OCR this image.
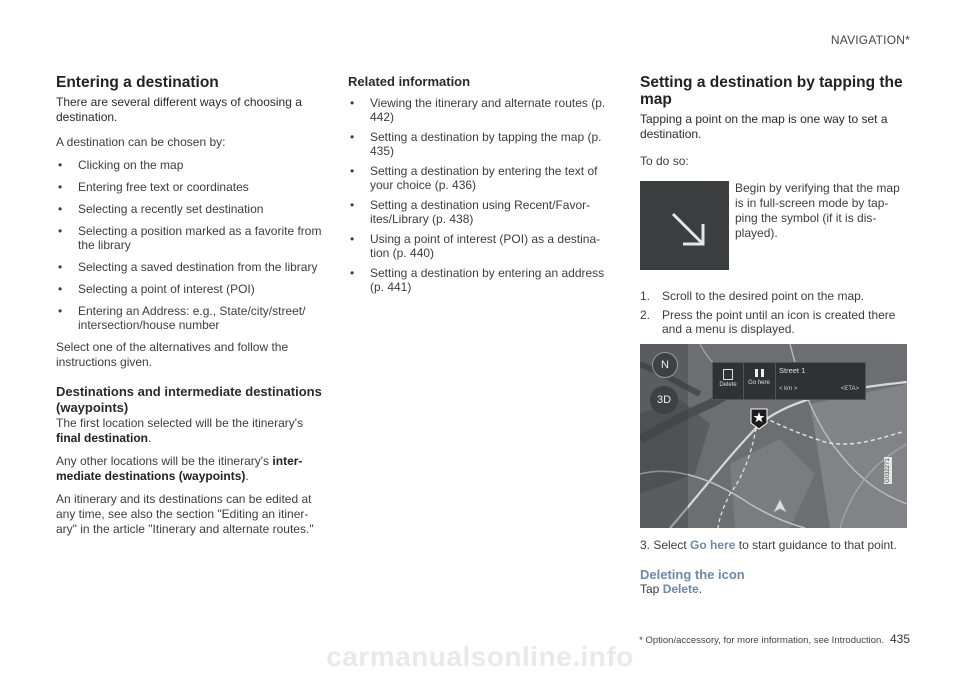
NAVIGATION*
Entering a destination

There are several different ways of choosing a destination.

A destination can be chosen by:

• Clicking on the map
• Entering free text or coordinates
• Selecting a recently set destination
• Selecting a position marked as a favorite from the library
• Selecting a saved destination from the library
• Selecting a point of interest (POI)
• Entering an Address: e.g., State/city/street/ intersection/house number

Select one of the alternatives and follow the instructions given.

Destinations and intermediate destinations (waypoints)

The first location selected will be the itinerary's final destination.

Any other locations will be the itinerary's inter- mediate destinations (waypoints).

An itinerary and its destinations can be edited at any time, see also the section "Editing an itiner- ary" in the article "Itinerary and alternate routes."

Related information
• Viewing the itinerary and alternate routes (p. 442)
• Setting a destination by tapping the map (p. 435)
• Setting a destination by entering the text of your choice (p. 436)
• Setting a destination using Recent/Favor- ites/Library (p. 438)
• Using a point of interest (POI) as a destina- tion (p. 440)
• Setting a destination by entering an address (p. 441)
Setting a destination by tapping the map

Tapping a point on the map is one way to set a destination.

To do so:

Begin by verifying that the map is in full-screen mode by tap- ping the symbol (if it is dis- played).

1. Scroll to the desired point on the map.
2. Press the point until an icon is created there and a menu is displayed.
N
3D
Delete	Go here
Street 1
< km >	<ETA>
G032271

3. Select Go here to start guidance to that point.

Deleting the icon

Tap Delete.

* Option/accessory, for more information, see Introduction. 435
carmanualsonline.info
